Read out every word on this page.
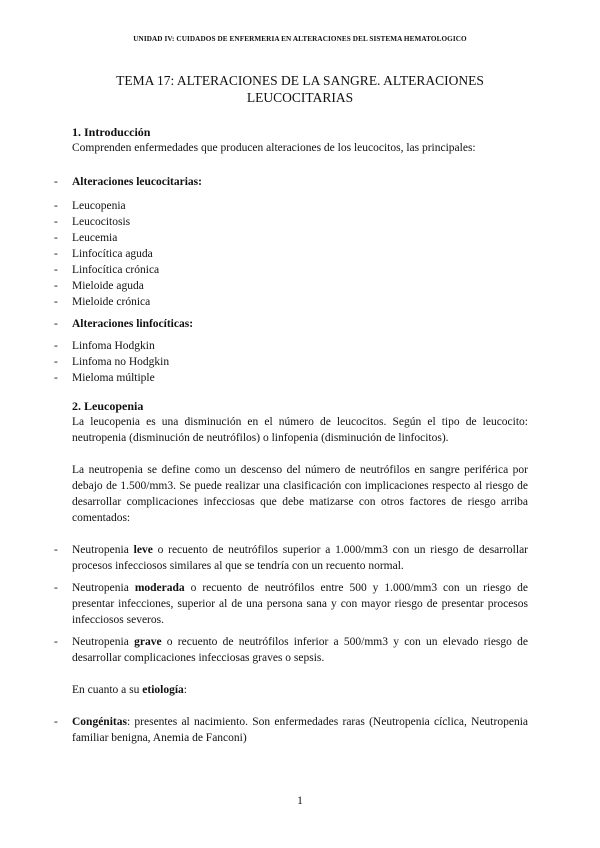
UNIDAD IV: CUIDADOS DE ENFERMERIA EN ALTERACIONES DEL SISTEMA HEMATOLOGICO
TEMA 17: ALTERACIONES DE LA SANGRE. ALTERACIONES
LEUCOCITARIAS

1. Introducción

Comprenden enfermedades que producen alteraciones de los leucocitos, las principales:

- Alteraciones leucocitarias:
- Leucopenia
- Leucocitosis
- Leucemia
- Linfocítica aguda
- Linfocítica crónica
- Mieloide aguda
- Mieloide crónica
- Alteraciones linfocíticas:
- Linfoma Hodgkin
- Linfoma no Hodgkin
- Mieloma múltiple

2. Leucopenia

La leucopenia es una disminución en el número de leucocitos. Según el tipo de leucocito: neutropenia (disminución de neutrófilos) o linfopenia (disminución de linfocitos).

La neutropenia se define como un descenso del número de neutrófilos en sangre periférica por debajo de 1.500/mm3. Se puede realizar una clasificación con implicaciones respecto al riesgo de desarrollar complicaciones infecciosas que debe matizarse con otros factores de riesgo arriba comentados:

- Neutropenia leve o recuento de neutrófilos superior a 1.000/mm3 con un riesgo de desarrollar procesos infecciosos similares al que se tendría con un recuento normal.
- Neutropenia moderada o recuento de neutrófilos entre 500 y 1.000/mm3 con un riesgo de presentar infecciones, superior al de una persona sana y con mayor riesgo de presentar procesos infecciosos severos.
- Neutropenia grave o recuento de neutrófilos inferior a 500/mm3 y con un elevado riesgo de desarrollar complicaciones infecciosas graves o sepsis.

En cuanto a su etiología:

- Congénitas: presentes al nacimiento. Son enfermedades raras (Neutropenia cíclica, Neutropenia familiar benigna, Anemia de Fanconi)
1
